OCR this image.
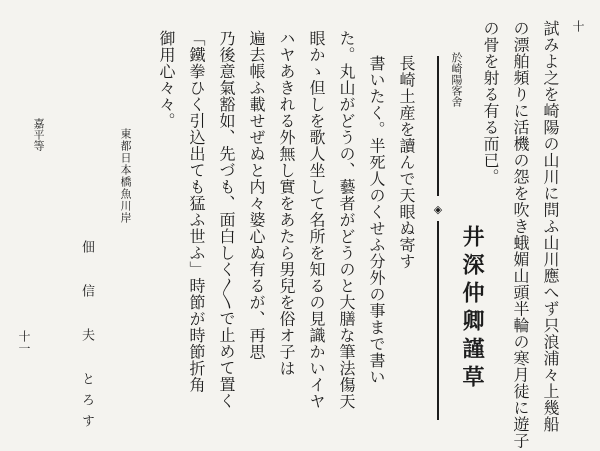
十
試みよ之を崎陽の山川に問ふ山川應へず只浪浦々上幾船
の漂舶頻りに活機の怨を吹き蛾媚山頭半輪の寒月徒に遊子
の骨を射る有る而已。
於崎陽客舍
井深仲卿謹草
◈
長崎土産を讀んで天眼ぬ寄す
書いたく。半死人のくせふ分外の事まで書い
た。丸山がどうの、藝者がどうのと大膳な筆法傷天
眼かゝ但しを歌人坐して名所を知るの見識かいイヤ
ハヤあきれる外無し實をあたら男兒を俗オ子は
遍去帳ふ載せぜぬと内々婆心ぬ有るが、再思
乃後意氣豁如、先づも、面白しく〱で止めて置く
「鐵拳ひく引込出ても猛ふ世ふ」時節が時節折角
御用心々々。
東都日本橋魚川岸
佃 信 夫 とろす
嘉平等
十一
